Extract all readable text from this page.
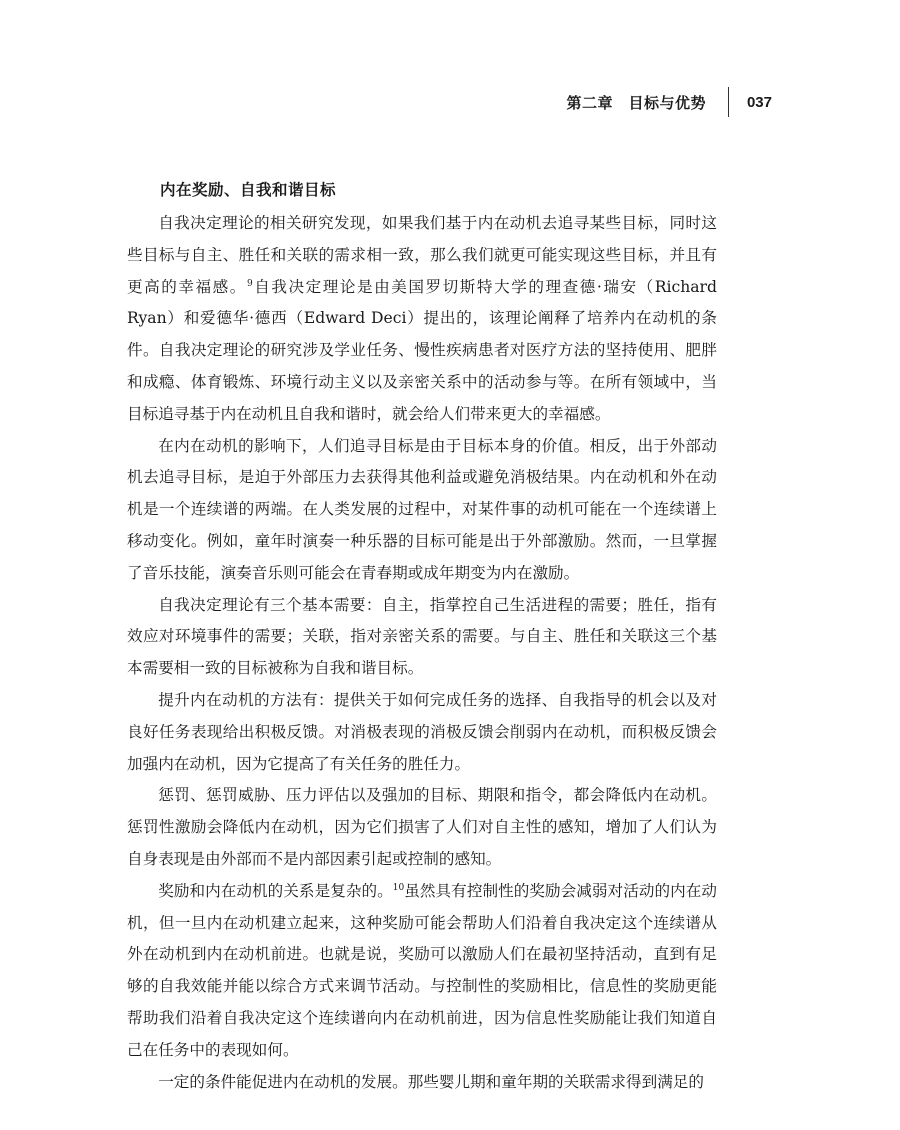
第二章　目标与优势	037
内在奖励、自我和谐目标

自我决定理论的相关研究发现，如果我们基于内在动机去追寻某些目标，同时这些目标与自主、胜任和关联的需求相一致，那么我们就更可能实现这些目标，并且有更高的幸福感。$^9$自我决定理论是由美国罗切斯特大学的理查德·瑞安（Richard Ryan）和爱德华·德西（Edward Deci）提出的，该理论阐释了培养内在动机的条件。自我决定理论的研究涉及学业任务、慢性疾病患者对医疗方法的坚持使用、肥胖和成瘾、体育锻炼、环境行动主义以及亲密关系中的活动参与等。在所有领域中，当目标追寻基于内在动机且自我和谐时，就会给人们带来更大的幸福感。

在内在动机的影响下，人们追寻目标是由于目标本身的价值。相反，出于外部动机去追寻目标，是迫于外部压力去获得其他利益或避免消极结果。内在动机和外在动机是一个连续谱的两端。在人类发展的过程中，对某件事的动机可能在一个连续谱上移动变化。例如，童年时演奏一种乐器的目标可能是出于外部激励。然而，一旦掌握了音乐技能，演奏音乐则可能会在青春期或成年期变为内在激励。

自我决定理论有三个基本需要：自主，指掌控自己生活进程的需要；胜任，指有效应对环境事件的需要；关联，指对亲密关系的需要。与自主、胜任和关联这三个基本需要相一致的目标被称为自我和谐目标。

提升内在动机的方法有：提供关于如何完成任务的选择、自我指导的机会以及对良好任务表现给出积极反馈。对消极表现的消极反馈会削弱内在动机，而积极反馈会加强内在动机，因为它提高了有关任务的胜任力。

惩罚、惩罚威胁、压力评估以及强加的目标、期限和指令，都会降低内在动机。惩罚性激励会降低内在动机，因为它们损害了人们对自主性的感知，增加了人们认为自身表现是由外部而不是内部因素引起或控制的感知。

奖励和内在动机的关系是复杂的。$^{10}$虽然具有控制性的奖励会减弱对活动的内在动机，但一旦内在动机建立起来，这种奖励可能会帮助人们沿着自我决定这个连续谱从外在动机到内在动机前进。也就是说，奖励可以激励人们在最初坚持活动，直到有足够的自我效能并能以综合方式来调节活动。与控制性的奖励相比，信息性的奖励更能帮助我们沿着自我决定这个连续谱向内在动机前进，因为信息性奖励能让我们知道自己在任务中的表现如何。

一定的条件能促进内在动机的发展。那些婴儿期和童年期的关联需求得到满足的
